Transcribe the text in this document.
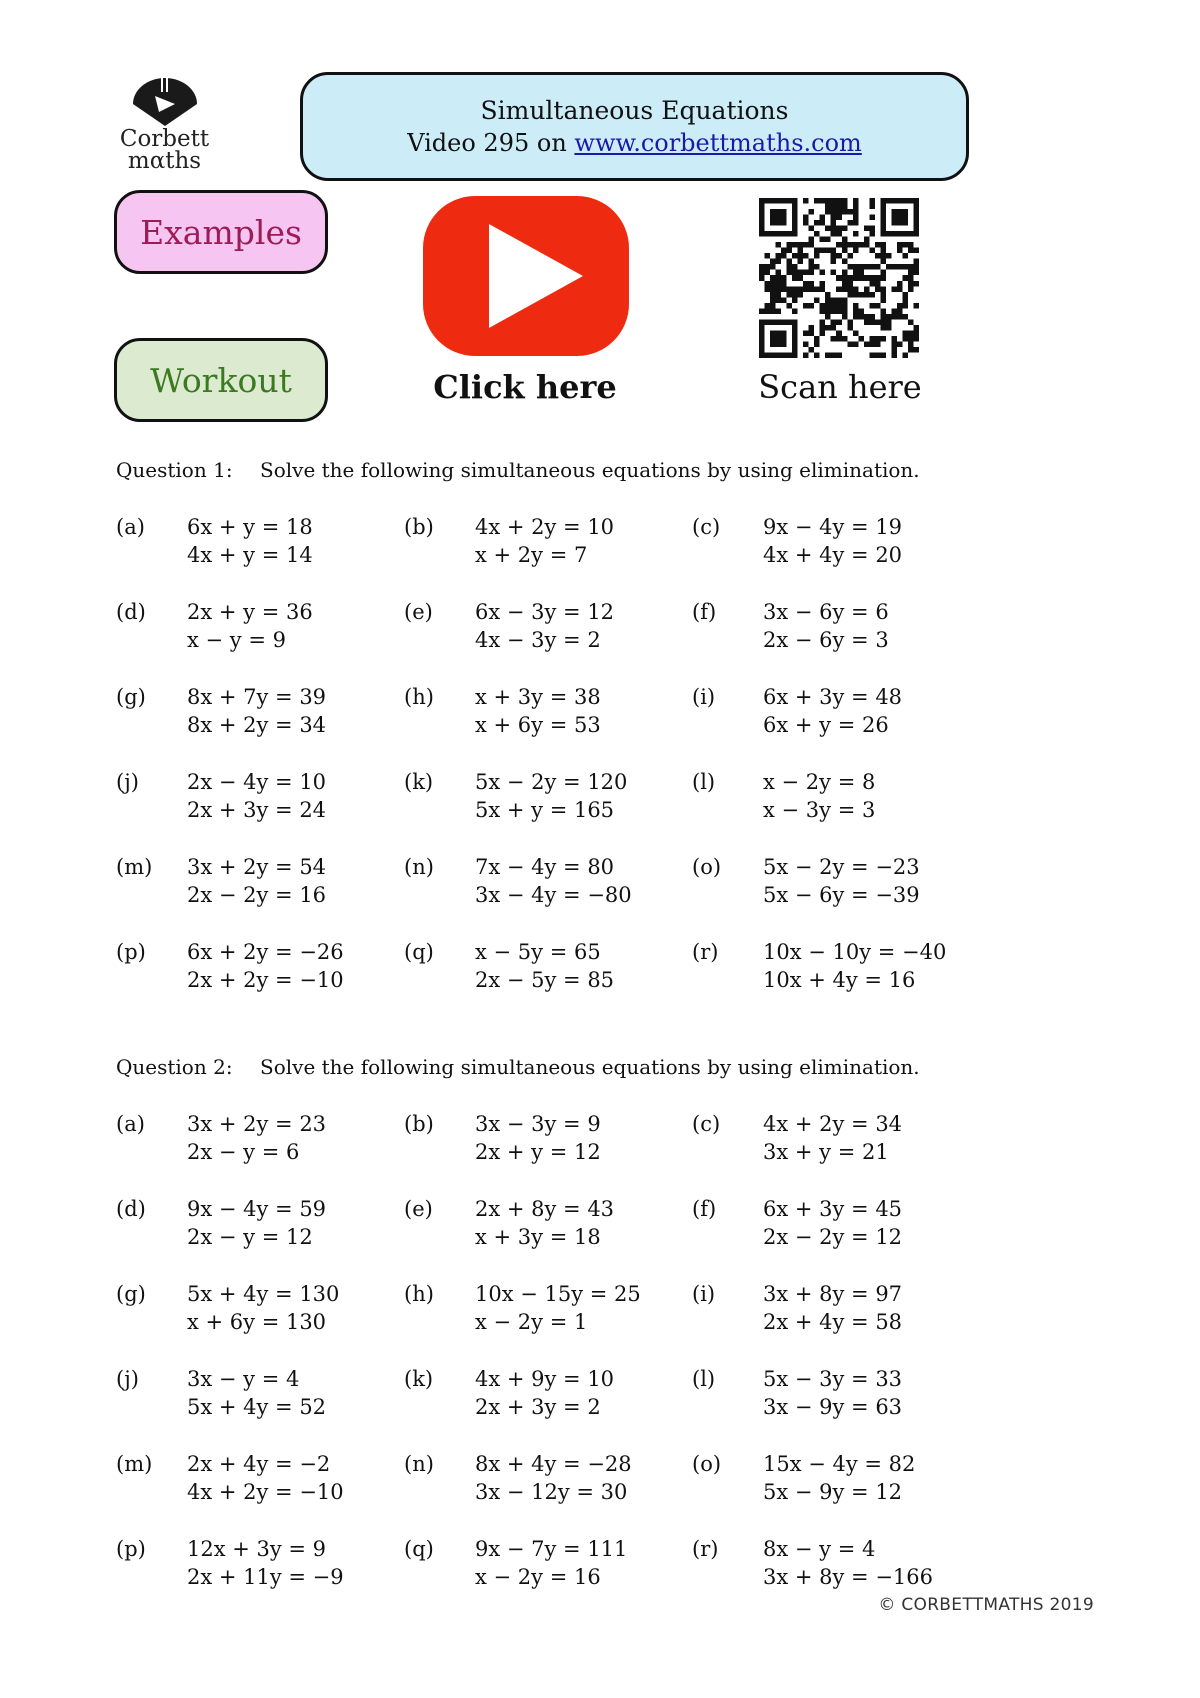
Corbett
mαths
Simultaneous Equations
Video 295 on www.corbettmaths.com
Examples
Workout	Click here	Scan here
Question 1: Solve the following simultaneous equations by using elimination.
(a) 6x + y = 18
4x + y = 14
(b) 4x + 2y = 10
x + 2y = 7
(c) 9x − 4y = 19
4x + 4y = 20
(d) 2x + y = 36
x − y = 9
(e) 6x − 3y = 12
4x − 3y = 2
(f) 3x − 6y = 6
2x − 6y = 3
(g) 8x + 7y = 39
8x + 2y = 34
(h) x + 3y = 38
x + 6y = 53
(i) 6x + 3y = 48
6x + y = 26
(j) 2x − 4y = 10
2x + 3y = 24
(k) 5x − 2y = 120
5x + y = 165
(l) x − 2y = 8
x − 3y = 3
(m) 3x + 2y = 54
2x − 2y = 16
(n) 7x − 4y = 80
3x − 4y = −80
(o) 5x − 2y = −23
5x − 6y = −39
(p) 6x + 2y = −26
2x + 2y = −10
(q) x − 5y = 65
2x − 5y = 85
(r) 10x − 10y = −40
10x + 4y = 16
Question 2: Solve the following simultaneous equations by using elimination.
(a) 3x + 2y = 23
2x − y = 6
(b) 3x − 3y = 9
2x + y = 12
(c) 4x + 2y = 34
3x + y = 21
(d) 9x − 4y = 59
2x − y = 12
(e) 2x + 8y = 43
x + 3y = 18
(f) 6x + 3y = 45
2x − 2y = 12
(g) 5x + 4y = 130
x + 6y = 130
(h) 10x − 15y = 25
x − 2y = 1
(i) 3x + 8y = 97
2x + 4y = 58
(j) 3x − y = 4
5x + 4y = 52
(k) 4x + 9y = 10
2x + 3y = 2
(l) 5x − 3y = 33
3x − 9y = 63
(m) 2x + 4y = −2
4x + 2y = −10
(n) 8x + 4y = −28
3x − 12y = 30
(o) 15x − 4y = 82
5x − 9y = 12
(p) 12x + 3y = 9
2x + 11y = −9
(q) 9x − 7y = 111
x − 2y = 16
(r) 8x − y = 4
3x + 8y = −166
© CORBETTMATHS 2019
